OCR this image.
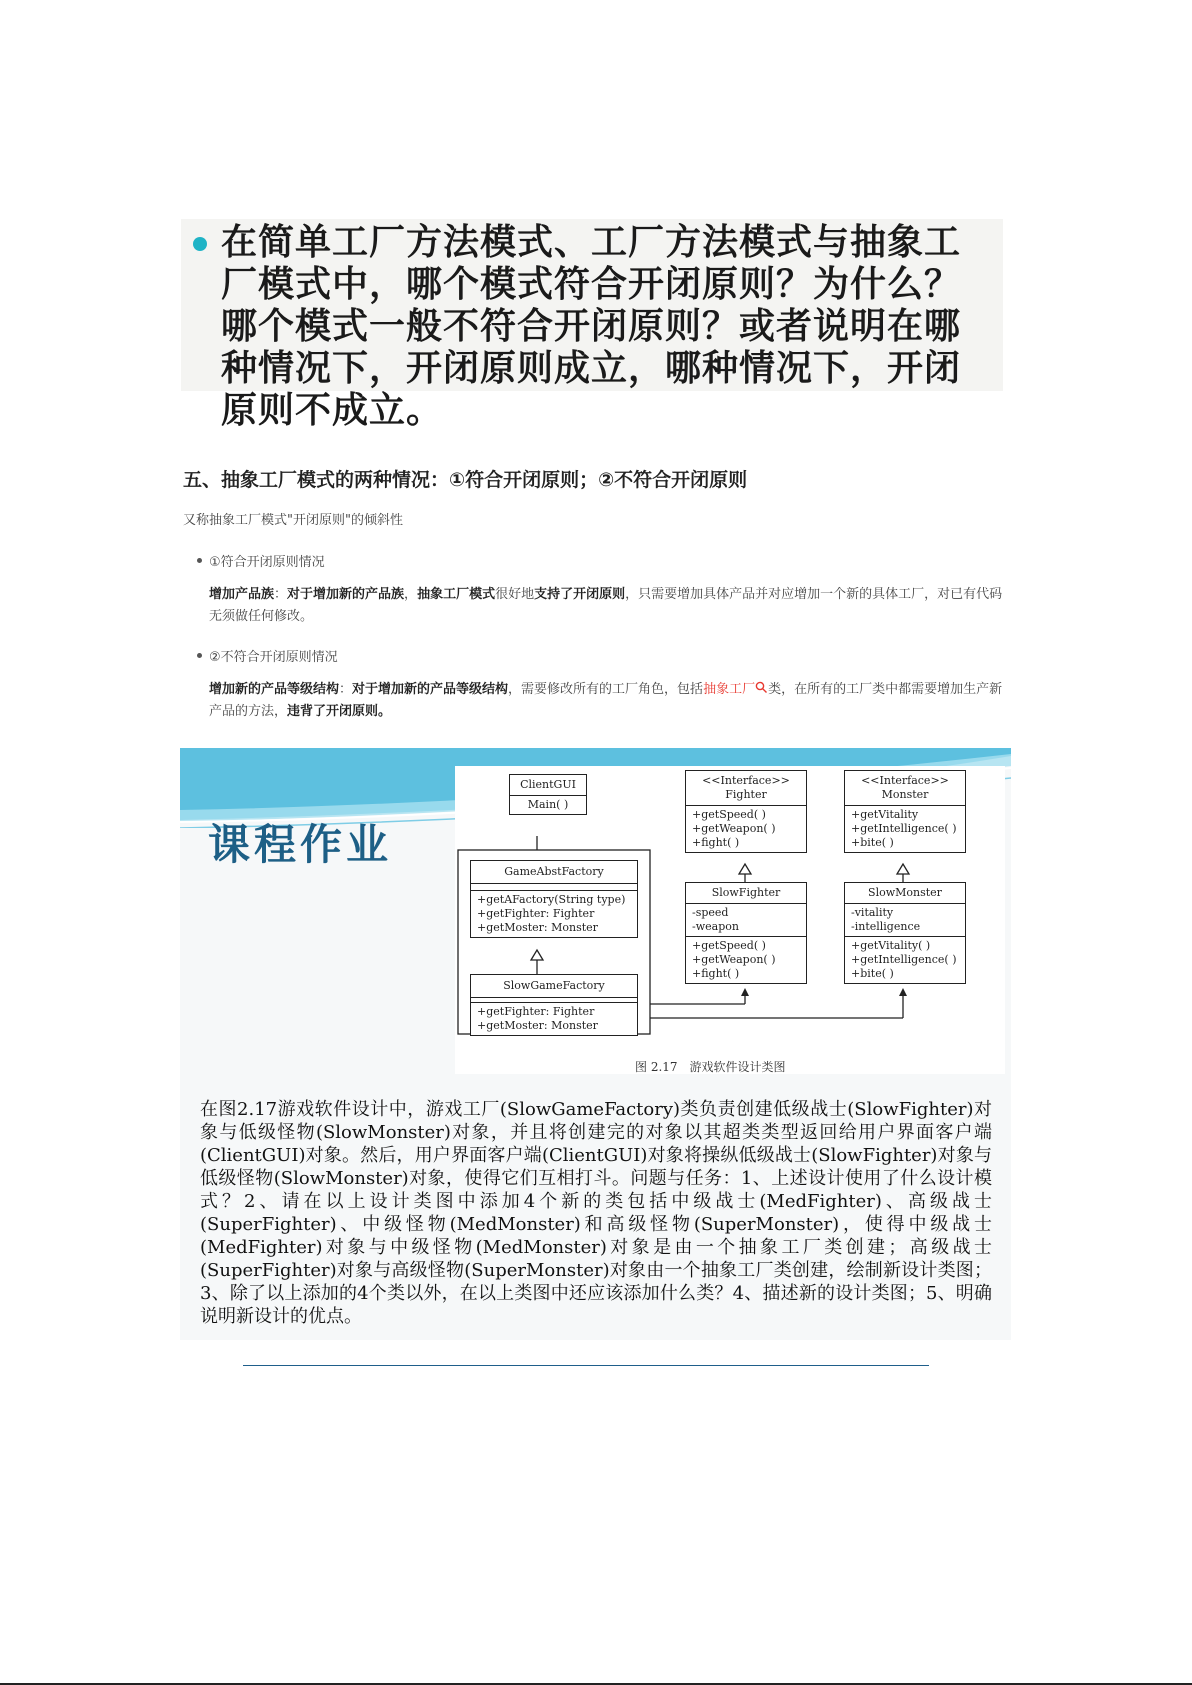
在简单工厂方法模式、工厂方法模式与抽象工厂模式中，哪个模式符合开闭原则？为什么？哪个模式一般不符合开闭原则？或者说明在哪种情况下，开闭原则成立，哪种情况下，开闭原则不成立。
五、抽象工厂模式的两种情况：①符合开闭原则；②不符合开闭原则
又称抽象工厂模式"开闭原则"的倾斜性
①符合开闭原则情况
增加产品族：对于增加新的产品族，抽象工厂模式很好地支持了开闭原则，只需要增加具体产品并对应增加一个新的具体工厂，对已有代码无须做任何修改。
②不符合开闭原则情况
增加新的产品等级结构：对于增加新的产品等级结构，需要修改所有的工厂角色，包括抽象工厂 类，在所有的工厂类中都需要增加生产新产品的方法，违背了开闭原则。
课程作业
ClientGUI
Main( )
GameAbstFactory
+getAFactory(String type)
+getFighter: Fighter
+getMoster: Monster
SlowGameFactory
+getFighter: Fighter
+getMoster: Monster
<<Interface>>
Fighter
+getSpeed( )
+getWeapon( )
+fight( )
<<Interface>>
Monster
+getVitality
+getIntelligence( )
+bite( )
SlowFighter
-speed
-weapon
+getSpeed( )
+getWeapon( )
+fight( )
SlowMonster
-vitality
-intelligence
+getVitality( )
+getIntelligence( )
+bite( )
图 2.17　游戏软件设计类图
在图2.17游戏软件设计中，游戏工厂(SlowGameFactory)类负责创建低级战士(SlowFighter)对象与低级怪物(SlowMonster)对象，并且将创建完的对象以其超类类型返回给用户界面客户端(ClientGUI)对象。然后，用户界面客户端(ClientGUI)对象将操纵低级战士(SlowFighter)对象与低级怪物(SlowMonster)对象，使得它们互相打斗。问题与任务：1、上述设计使用了什么设计模式？2、请在以上设计类图中添加4个新的类包括中级战士(MedFighter)、高级战士(SuperFighter)、中级怪物(MedMonster)和高级怪物(SuperMonster)，使得中级战士(MedFighter)对象与中级怪物(MedMonster)对象是由一个抽象工厂类创建；高级战士(SuperFighter)对象与高级怪物(SuperMonster)对象由一个抽象工厂类创建，绘制新设计类图；3、除了以上添加的4个类以外，在以上类图中还应该添加什么类？4、描述新的设计类图；5、明确说明新设计的优点。
